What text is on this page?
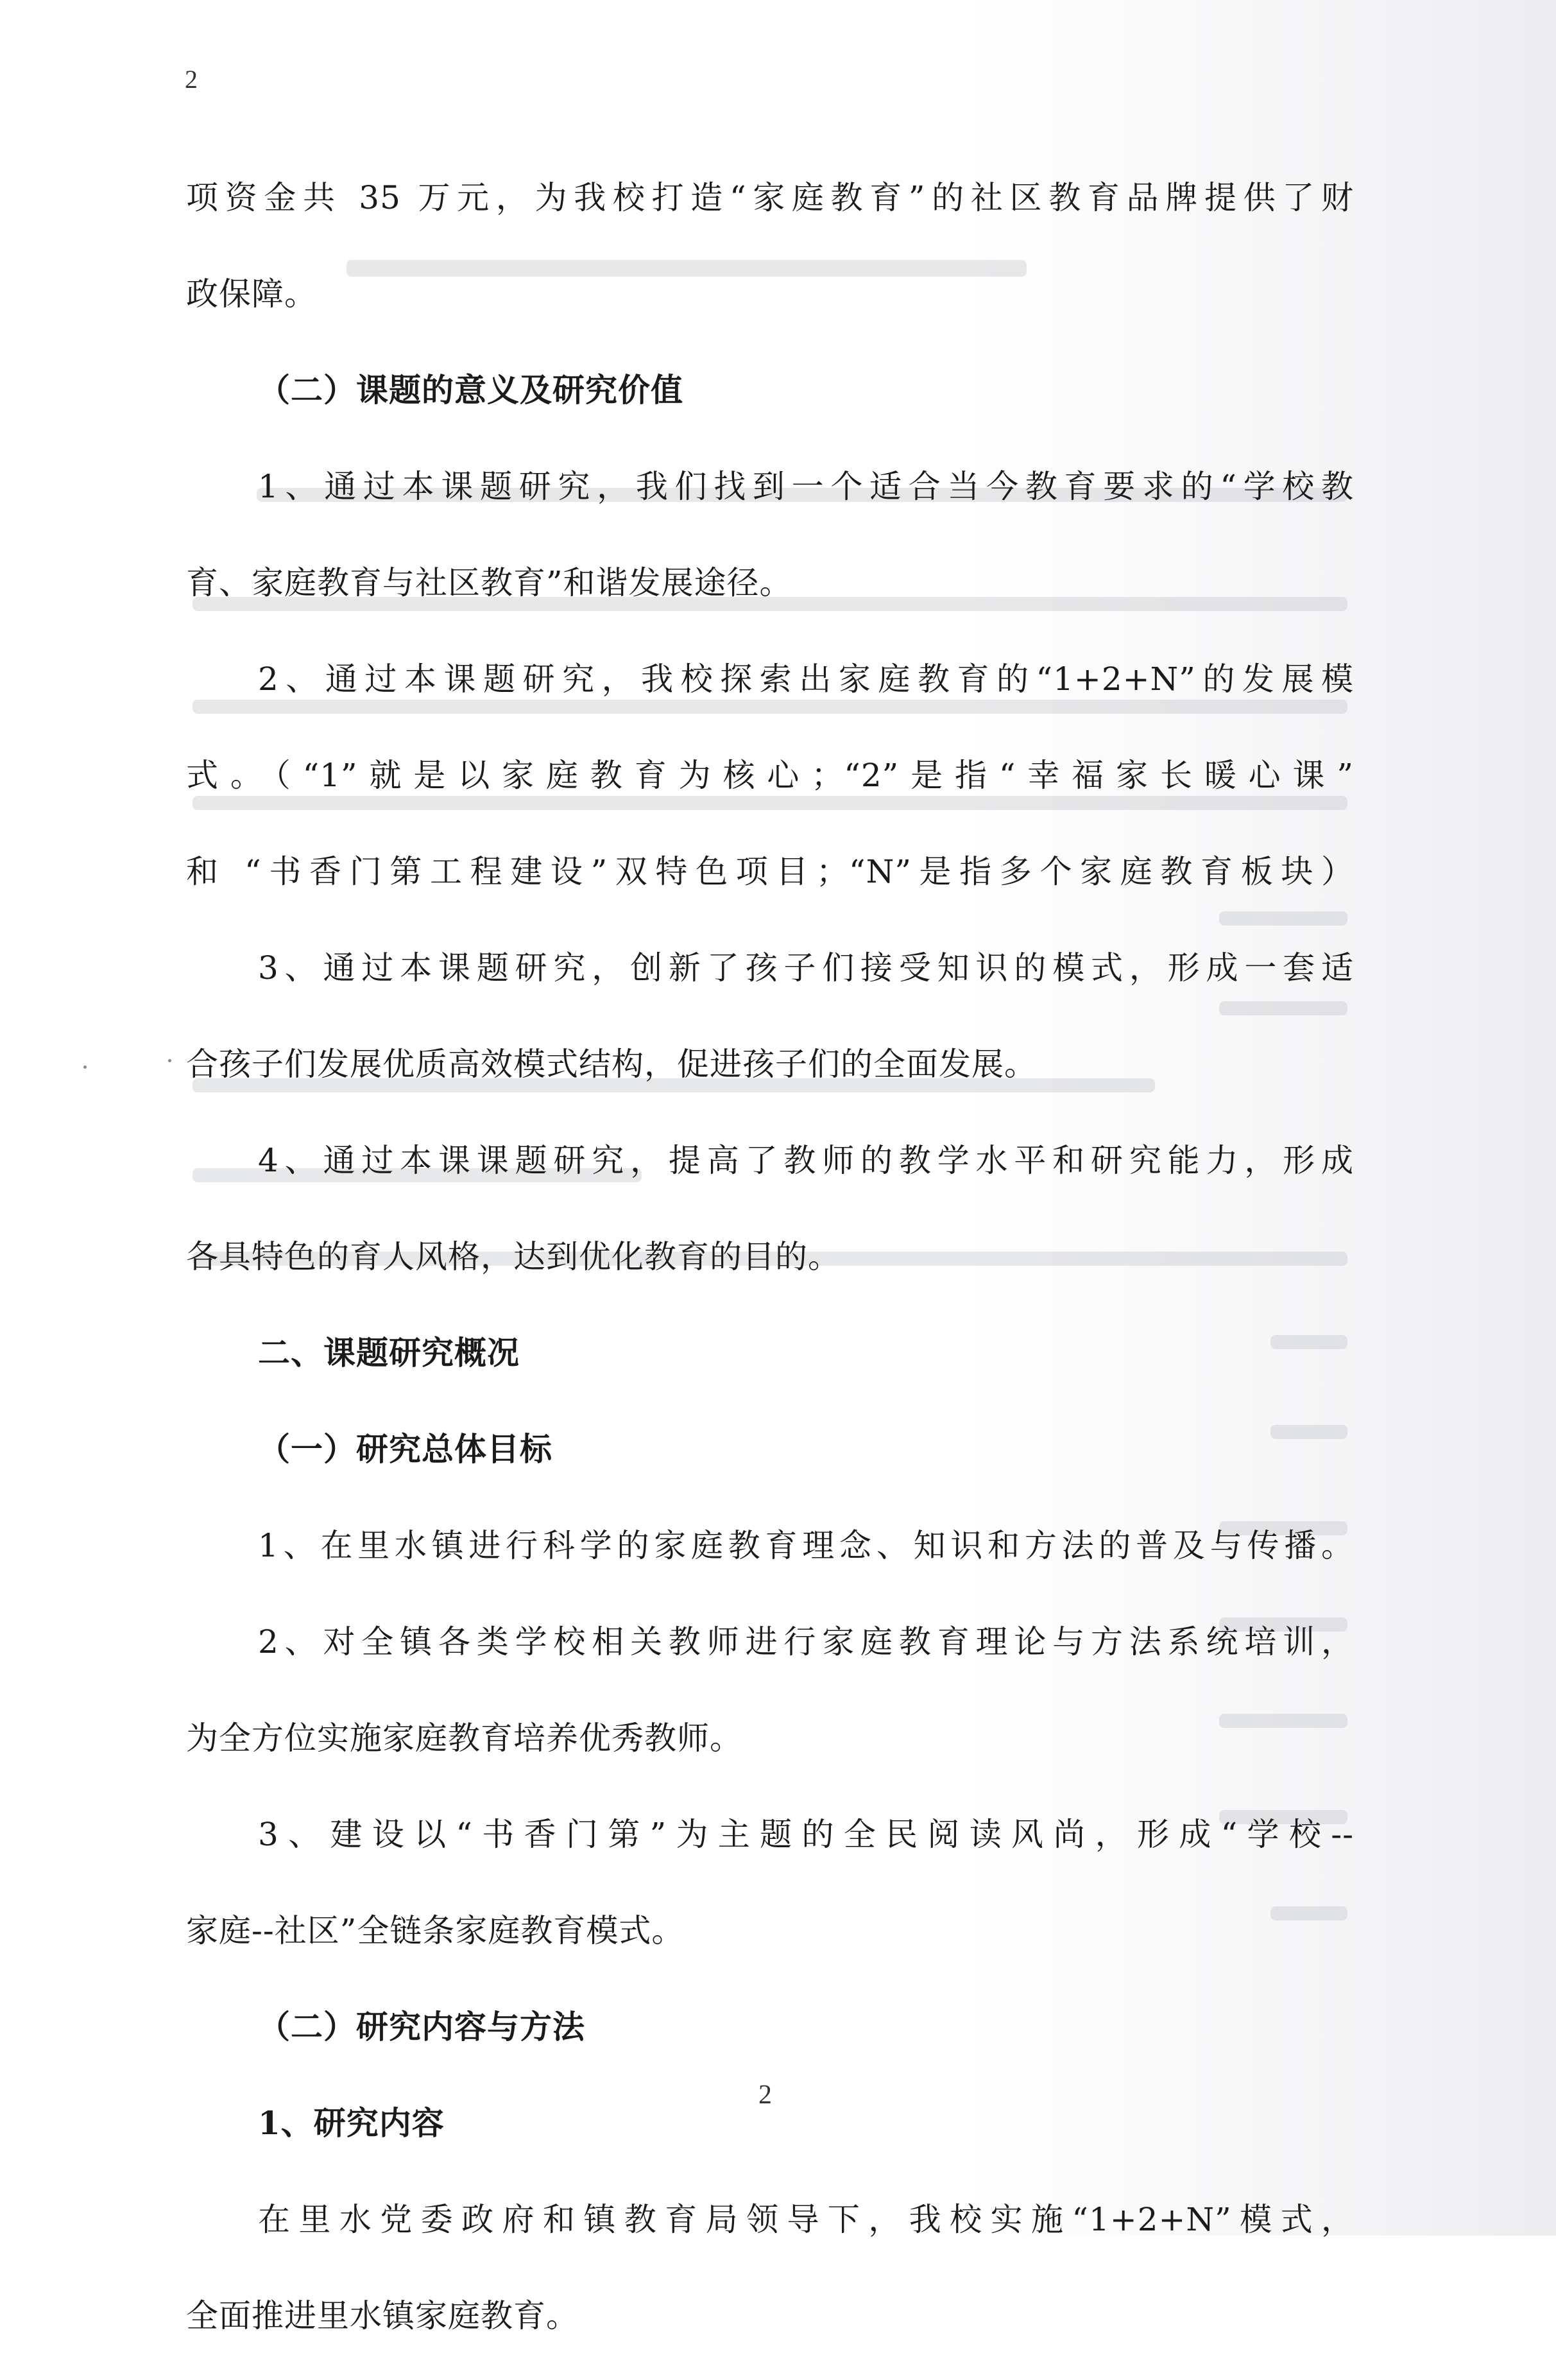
2
项资金共 35 万元，为我校打造“家庭教育”的社区教育品牌提供了财
政保障。
（二）课题的意义及研究价值
1、通过本课题研究，我们找到一个适合当今教育要求的“学校教
育、家庭教育与社区教育”和谐发展途径。
2、通过本课题研究，我校探索出家庭教育的“1+2+N”的发展模
式。（“1”就是以家庭教育为核心；“2”是指“幸福家长暖心课”
和 “书香门第工程建设”双特色项目；“N”是指多个家庭教育板块）
3、通过本课题研究，创新了孩子们接受知识的模式，形成一套适
合孩子们发展优质高效模式结构，促进孩子们的全面发展。
4、通过本课课题研究，提高了教师的教学水平和研究能力，形成
各具特色的育人风格，达到优化教育的目的。
二、课题研究概况
（一）研究总体目标
1、在里水镇进行科学的家庭教育理念、知识和方法的普及与传播。
2、对全镇各类学校相关教师进行家庭教育理论与方法系统培训，
为全方位实施家庭教育培养优秀教师。
3、建设以“书香门第”为主题的全民阅读风尚，形成“学校--
家庭--社区”全链条家庭教育模式。
（二）研究内容与方法
1、研究内容
在里水党委政府和镇教育局领导下，我校实施“1+2+N”模式，
全面推进里水镇家庭教育。
2
